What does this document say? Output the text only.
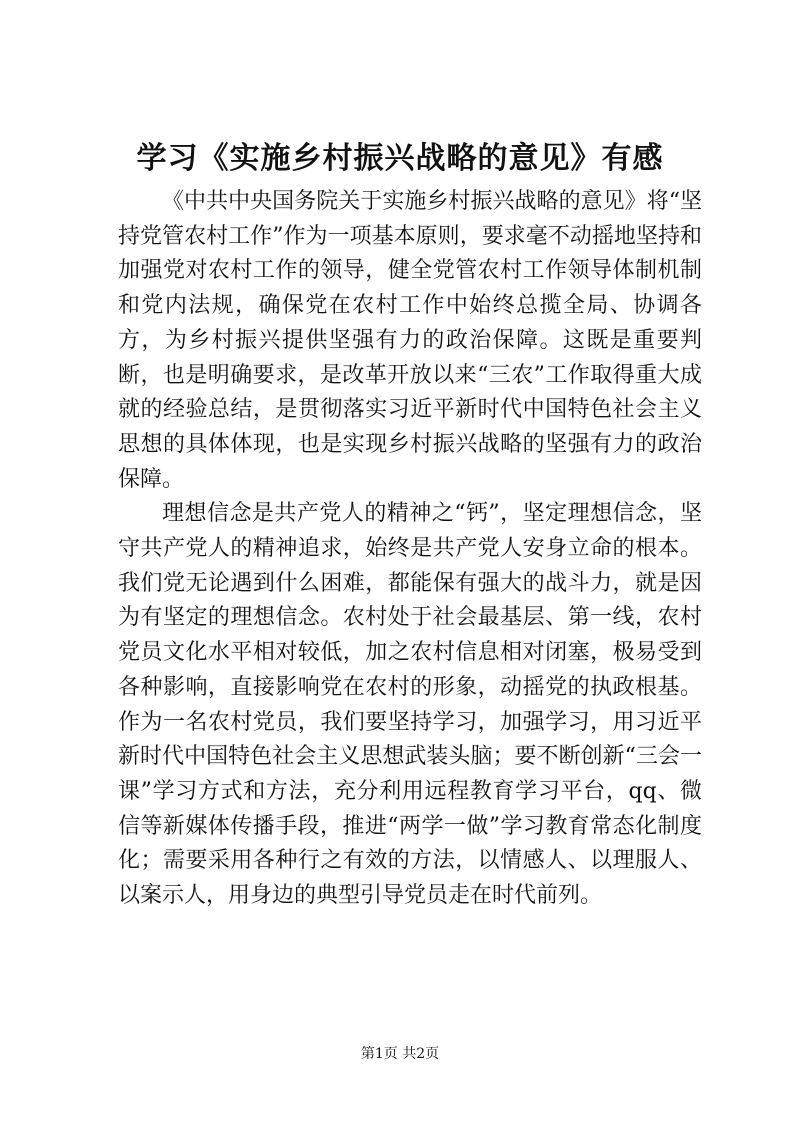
学习《实施乡村振兴战略的意见》有感

《中共中央国务院关于实施乡村振兴战略的意见》将“坚持党管农村工作”作为一项基本原则，要求毫不动摇地坚持和加强党对农村工作的领导，健全党管农村工作领导体制机制和党内法规，确保党在农村工作中始终总揽全局、协调各方，为乡村振兴提供坚强有力的政治保障。这既是重要判断，也是明确要求，是改革开放以来“三农”工作取得重大成就的经验总结，是贯彻落实习近平新时代中国特色社会主义思想的具体体现，也是实现乡村振兴战略的坚强有力的政治保障。

理想信念是共产党人的精神之“钙”，坚定理想信念，坚守共产党人的精神追求，始终是共产党人安身立命的根本。我们党无论遇到什么困难，都能保有强大的战斗力，就是因为有坚定的理想信念。农村处于社会最基层、第一线，农村党员文化水平相对较低，加之农村信息相对闭塞，极易受到各种影响，直接影响党在农村的形象，动摇党的执政根基。作为一名农村党员，我们要坚持学习，加强学习，用习近平新时代中国特色社会主义思想武装头脑；要不断创新“三会一课”学习方式和方法，充分利用远程教育学习平台，qq、微信等新媒体传播手段，推进“两学一做”学习教育常态化制度化；需要采用各种行之有效的方法，以情感人、以理服人、以案示人，用身边的典型引导党员走在时代前列。

第1页 共2页
